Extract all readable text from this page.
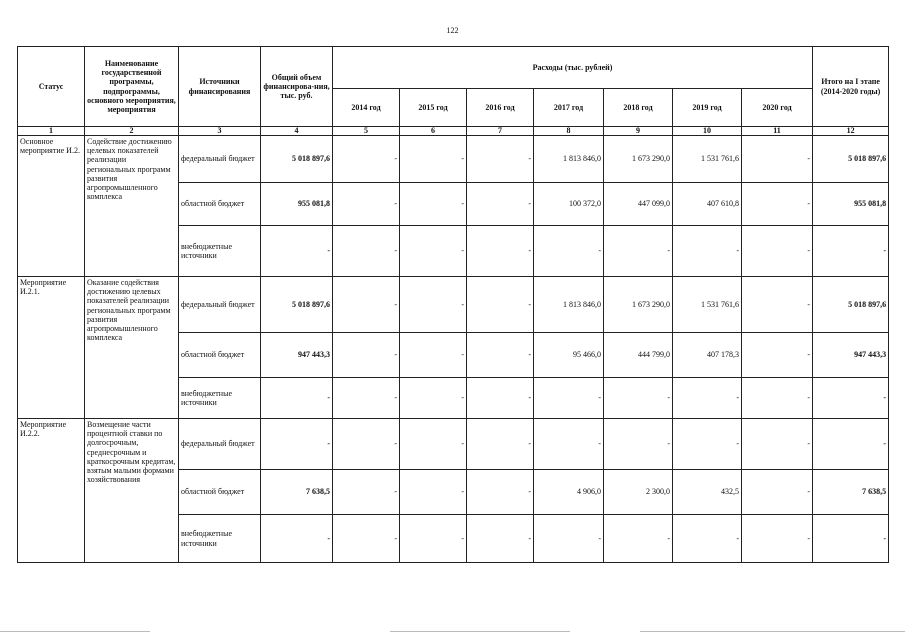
122
Статус	Наименование государственной программы, подпрограммы, основного мероприятия, мероприятия	Источники финансирования	Общий объем финансирова-ния, тыс. руб.	Расходы (тыс. рублей)							Итого на I этапе (2014-2020 годы)
				2014 год	2015 год	2016 год	2017 год	2018 год	2019 год	2020 год	
1	2	3	4	5	6	7	8	9	10	11	12
Основное мероприятие И.2.	Содействие достижению целевых показателей реализации региональных программ развития агропромышленного комплекса	федеральный бюджет	5 018 897,6	-	-	-	1 813 846,0	1 673 290,0	1 531 761,6	-	5 018 897,6
		областной бюджет	955 081,8	-	-	-	100 372,0	447 099,0	407 610,8	-	955 081,8
		внебюджетные источники	-	-	-	-	-	-	-	-	-
Мероприятие И.2.1.	Оказание содействия достижению целевых показателей реализации региональных программ развития агропромышленного комплекса	федеральный бюджет	5 018 897,6	-	-	-	1 813 846,0	1 673 290,0	1 531 761,6	-	5 018 897,6
		областной бюджет	947 443,3	-	-	-	95 466,0	444 799,0	407 178,3	-	947 443,3
		внебюджетные источники	-	-	-	-	-	-	-	-	-
Мероприятие И.2.2.	Возмещение части процентной ставки по долгосрочным, среднесрочным и краткосрочным кредитам, взятым малыми формами хозяйствования	федеральный бюджет	-	-	-	-	-	-	-	-	-
		областной бюджет	7 638,5	-	-	-	4 906,0	2 300,0	432,5	-	7 638,5
		внебюджетные источники	-	-	-	-	-	-	-	-	-
